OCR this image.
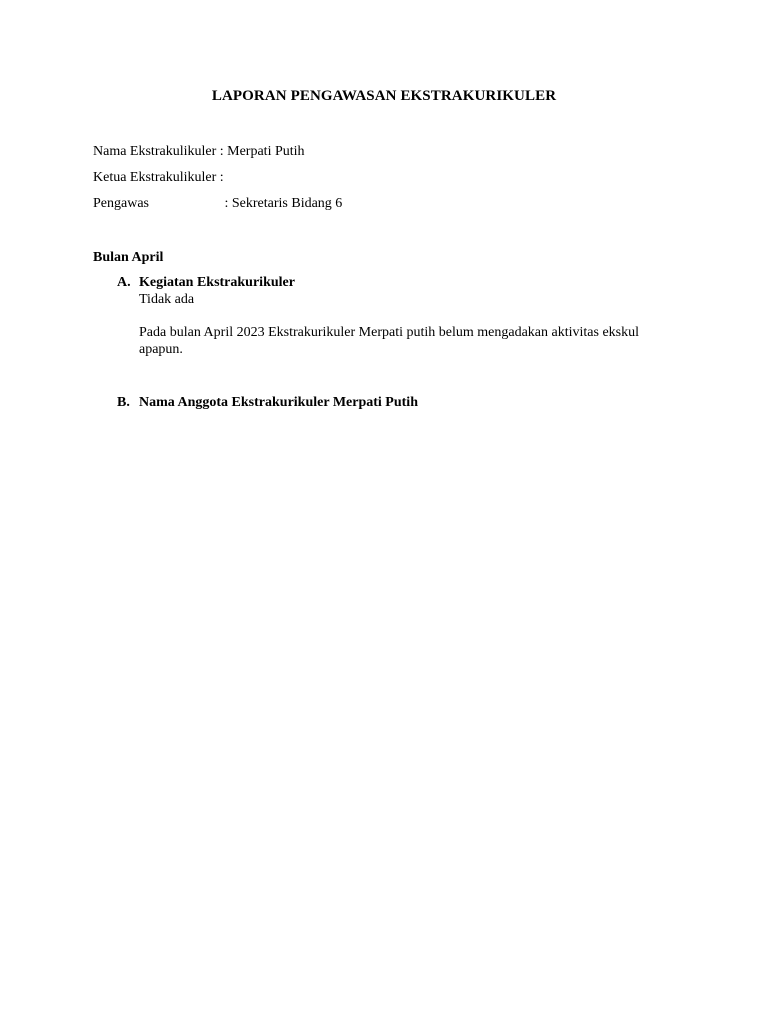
LAPORAN PENGAWASAN EKSTRAKURIKULER
Nama Ekstrakulikuler : Merpati Putih
Ketua Ekstrakulikuler :
Pengawas	: Sekretaris Bidang 6
Bulan April
A. Kegiatan Ekstrakurikuler
Tidak ada
Pada bulan April 2023 Ekstrakurikuler Merpati putih belum mengadakan aktivitas ekskul
apapun.
B. Nama Anggota Ekstrakurikuler Merpati Putih
